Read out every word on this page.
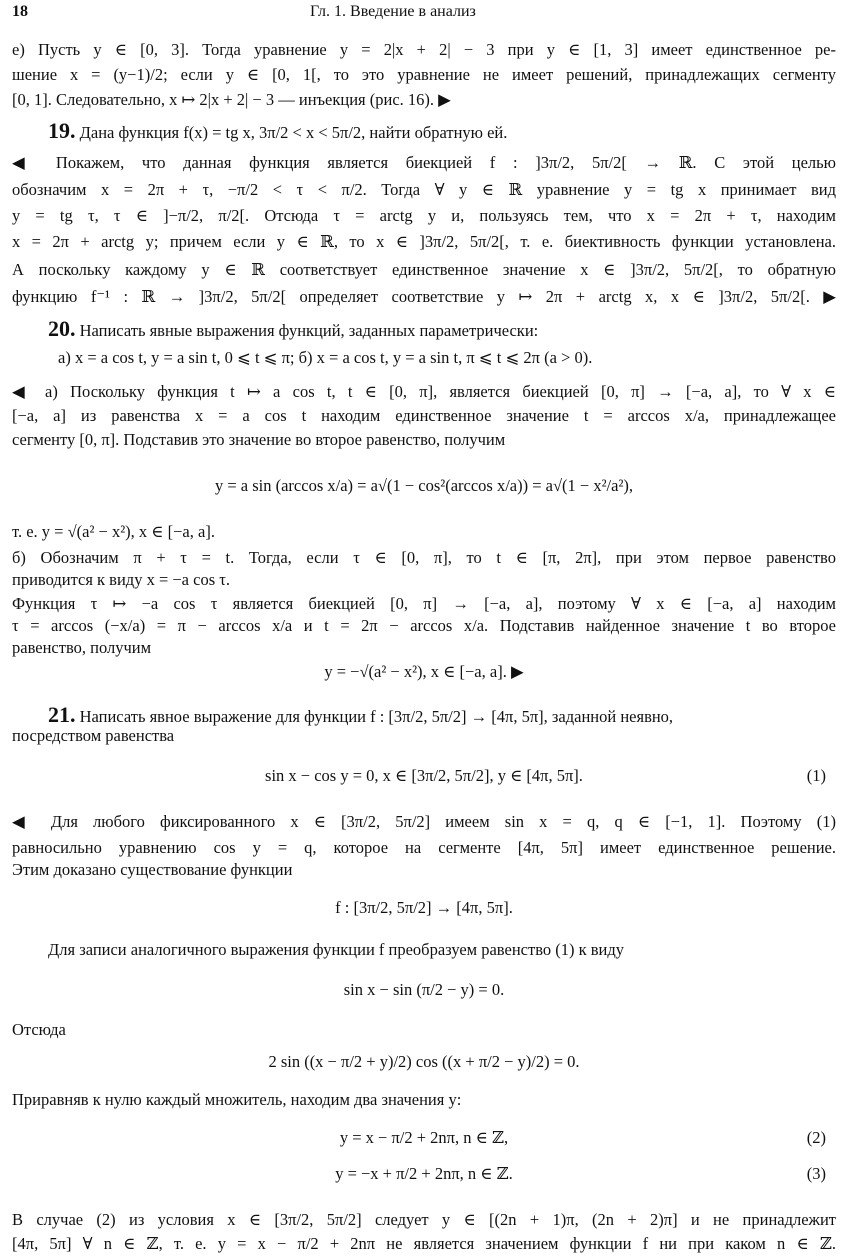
18	Гл. 1. Введение в анализ
е) Пусть y ∈ [0, 3]. Тогда уравнение y = 2|x + 2| − 3 при y ∈ [1, 3] имеет единственное ре-
шение x = (y−1)/2; если y ∈ [0, 1[, то это уравнение не имеет решений, принадлежащих сегменту
[0, 1]. Следовательно, x ↦ 2|x + 2| − 3 — инъекция (рис. 16). ▶
19. Дана функция f(x) = tg x, 3π/2 < x < 5π/2, найти обратную ей.
◀ Покажем, что данная функция является биекцией f : ]3π/2, 5π/2[ → ℝ. С этой целью
обозначим x = 2π + τ, −π/2 < τ < π/2. Тогда ∀ y ∈ ℝ уравнение y = tg x принимает вид
y = tg τ, τ ∈ ]−π/2, π/2[. Отсюда τ = arctg y и, пользуясь тем, что x = 2π + τ, находим
x = 2π + arctg y; причем если y ∈ ℝ, то x ∈ ]3π/2, 5π/2[, т. е. биективность функции установлена.
А поскольку каждому y ∈ ℝ соответствует единственное значение x ∈ ]3π/2, 5π/2[, то обратную
функцию f⁻¹ : ℝ → ]3π/2, 5π/2[ определяет соответствие y ↦ 2π + arctg x, x ∈ ]3π/2, 5π/2[. ▶
20. Написать явные выражения функций, заданных параметрически:
а) x = a cos t, y = a sin t, 0 ⩽ t ⩽ π; б) x = a cos t, y = a sin t, π ⩽ t ⩽ 2π (a > 0).
◀ а) Поскольку функция t ↦ a cos t, t ∈ [0, π], является биекцией [0, π] → [−a, a], то ∀ x ∈
[−a, a] из равенства x = a cos t находим единственное значение t = arccos x/a, принадлежащее
сегменту [0, π]. Подставив это значение во второе равенство, получим
y = a sin (arccos x/a) = a√(1 − cos²(arccos x/a)) = a√(1 − x²/a²),
т. е. y = √(a² − x²), x ∈ [−a, a].
б) Обозначим π + τ = t. Тогда, если τ ∈ [0, π], то t ∈ [π, 2π], при этом первое равенство
приводится к виду x = −a cos τ.
Функция τ ↦ −a cos τ является биекцией [0, π] → [−a, a], поэтому ∀ x ∈ [−a, a] находим
τ = arccos (−x/a) = π − arccos x/a и t = 2π − arccos x/a. Подставив найденное значение t во второе
равенство, получим
y = −√(a² − x²), x ∈ [−a, a]. ▶
21. Написать явное выражение для функции f : [3π/2, 5π/2] → [4π, 5π], заданной неявно,
посредством равенства
sin x − cos y = 0, x ∈ [3π/2, 5π/2], y ∈ [4π, 5π].	(1)
◀ Для любого фиксированного x ∈ [3π/2, 5π/2] имеем sin x = q, q ∈ [−1, 1]. Поэтому (1)
равносильно уравнению cos y = q, которое на сегменте [4π, 5π] имеет единственное решение.
Этим доказано существование функции
f : [3π/2, 5π/2] → [4π, 5π].
Для записи аналогичного выражения функции f преобразуем равенство (1) к виду
sin x − sin (π/2 − y) = 0.
Отсюда
2 sin ((x − π/2 + y)/2) cos ((x + π/2 − y)/2) = 0.
Приравняв к нулю каждый множитель, находим два значения y:
y = x − π/2 + 2nπ, n ∈ ℤ,	(2)
y = −x + π/2 + 2nπ, n ∈ ℤ.	(3)
В случае (2) из условия x ∈ [3π/2, 5π/2] следует y ∈ [(2n + 1)π, (2n + 2)π] и не принадлежит
[4π, 5π] ∀ n ∈ ℤ, т. е. y = x − π/2 + 2nπ не является значением функции f ни при каком n ∈ ℤ.
